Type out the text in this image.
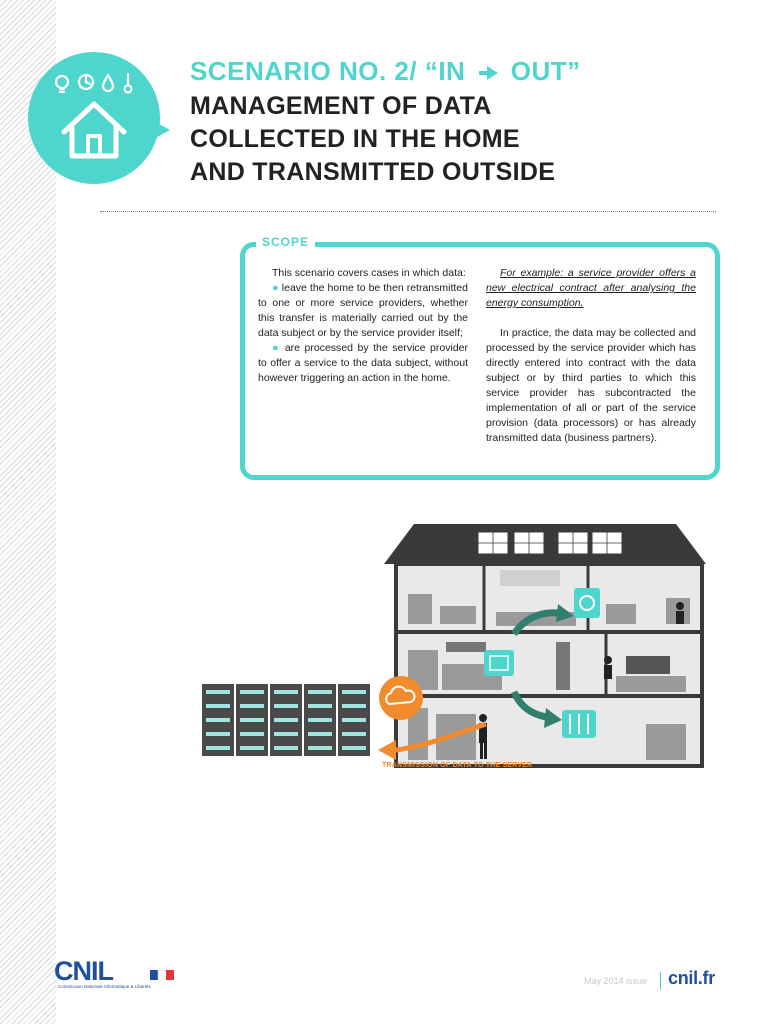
SCENARIO NO. 2/ “IN OUT”
MANAGEMENT OF DATA
COLLECTED IN THE HOME
AND TRANSMITTED OUTSIDE
SCOPE

This scenario covers cases in which data:

● leave the home to be then retransmitted to one or more service providers, whether this transfer is materially carried out by the data subject or by the service provider itself;

● are processed by the service provider to offer a service to the data subject, without however triggering an action in the home.

For example: a service provider offers a new electrical contract after analysing the energy consumption.

In practice, the data may be collected and processed by the service provider which has directly entered into contract with the data subject or by third parties to which this service provider has subcontracted the implementation of all or part of the service provision (data processors) or has already transmitted data (business partners).

TRANSMISSION OF DATA TO THE SERVER
CNIL
Commission Nationale Informatique & Libertés
May 2014 issue cnil.fr
